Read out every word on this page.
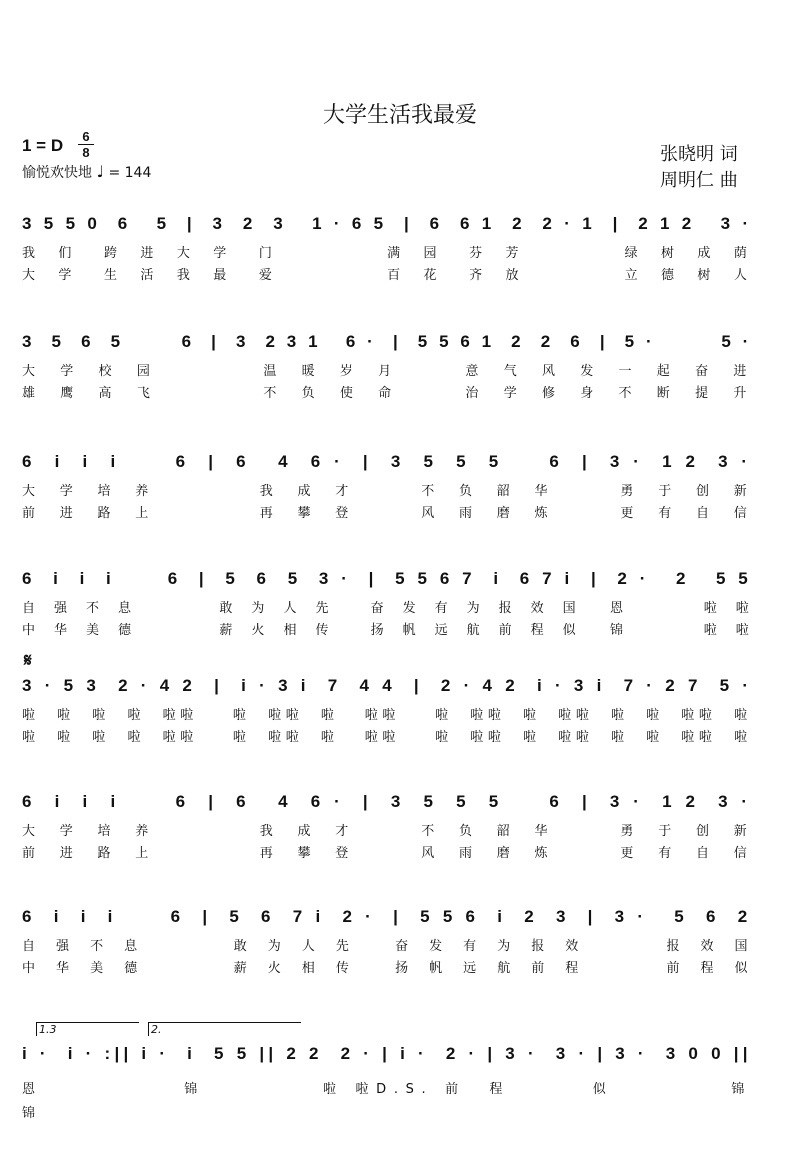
大学生活我最爱
1 = D	6
8
愉悦欢快地 ♩ = 144
张晓明 词
周明仁 曲
3 5 5 0  6   5  |  3  2  3   1 · 6 5  |  6  6 1  2  2 · 1  |  2 1 2   3 ·
我  们   跨  进  大  学   门            满  园   芬  芳           绿  树  成  荫
大  学   生  活  我  最   爱            百  花   齐  放           立  德  树  人
3  5  6  5       6  |  3  2 3 1   6 ·  |  5 5 6 1  2  2  6  |  5 ·        5 ·
大  学  校  园           温  暖  岁  月       意  气  风  发  一  起  奋  进
雄  鹰  高  飞           不  负  使  命       治  学  修  身  不  断  提  升
6  i  i  i      6  |  6   4  6 ·  |  3  5  5  5     6  |  3 ·  1 2  3 ·
大  学  培  养           我  成  才       不  负  韶  华       勇  于  创  新
前  进  路  上           再  攀  登       风  雨  磨  炼       更  有  自  信
6  i  i  i      6  |  5  6  5  3 ·  |  5 5 6 7  i  6 7 i  |  2 ·   2   5 5
自  强  不  息           敢  为  人  先     奋  发  有  为  报  效  国    恩          啦  啦
中  华  美  德           薪  火  相  传     扬  帆  远  航  前  程  似    锦          啦  啦
𝄋
3 · 5 3  2 · 4 2  |  i · 3 i  7  4 4  |  2 · 4 2  i · 3 i  7 · 2 7  5 ·
啦  啦  啦  啦  啦啦    啦  啦啦  啦   啦啦    啦  啦啦  啦  啦啦  啦  啦  啦啦  啦
啦  啦  啦  啦  啦啦    啦  啦啦  啦   啦啦    啦  啦啦  啦  啦啦  啦  啦  啦啦  啦
6  i  i  i      6  |  6   4  6 ·  |  3  5  5  5     6  |  3 ·  1 2  3 ·
大  学  培  养           我  成  才       不  负  韶  华       勇  于  创  新
前  进  路  上           再  攀  登       风  雨  磨  炼       更  有  自  信
6  i  i  i      6  |  5  6  7 i  2 ·  |  5 5 6  i  2  3  |  3 ·   5  6  2
自  强  不  息           敢  为  人  先     奋  发  有  为  报  效          报  效  国
中  华  美  德           薪  火  相  传     扬  帆  远  航  前  程          前  程  似
1.3	2.
i ·  i · :|| i ·  i  5 5 || 2 2  2 · | i ·  2 · | 3 ·  3 · | 3 ·  3 0 0 ||
恩            锦          啦 啦D.S. 前  程       似          锦
锦
